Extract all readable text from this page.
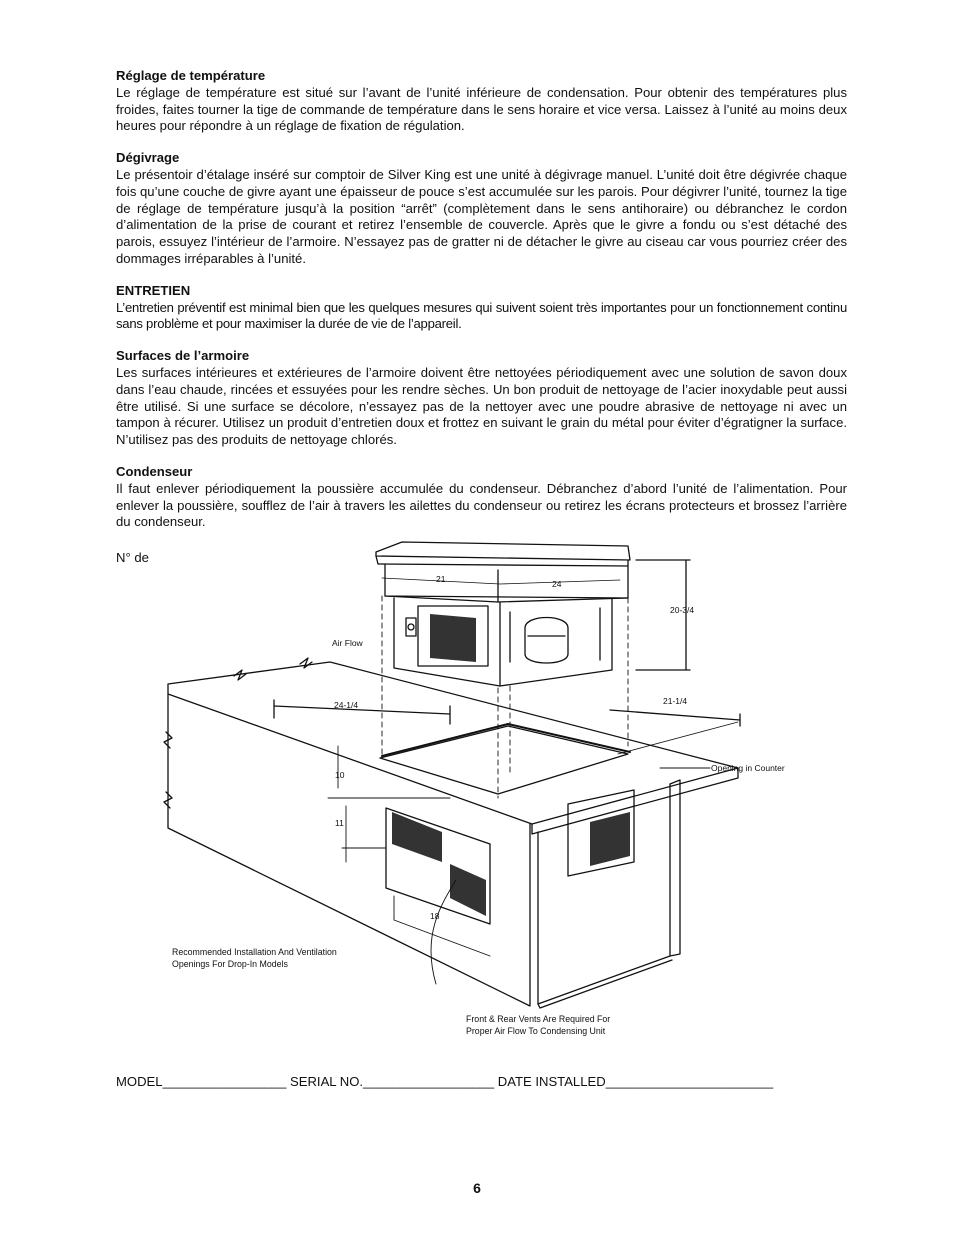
Réglage de température

Le réglage de température est situé sur l’avant de l’unité inférieure de condensation. Pour obtenir des températures plus froides, faites tourner la tige de commande de température dans le sens horaire et vice versa. Laissez à l’unité au moins deux heures pour répondre à un réglage de fixation de régulation.

Dégivrage

Le présentoir d’étalage inséré sur comptoir de Silver King est une unité à dégivrage manuel. L’unité doit être dégivrée chaque fois qu’une couche de givre ayant une épaisseur de pouce s’est accumulée sur les parois. Pour dégivrer l’unité, tournez la tige de réglage de température jusqu’à la position “arrêt” (complètement dans le sens antihoraire) ou débranchez le cordon d’alimentation de la prise de courant et retirez l’ensemble de couvercle. Après que le givre a fondu ou s’est détaché des parois, essuyez l’intérieur de l’armoire. N’essayez pas de gratter ni de détacher le givre au ciseau car vous pourriez créer des dommages irréparables à l’unité.

ENTRETIEN

L’entretien préventif est minimal bien que les quelques mesures qui suivent soient très importantes pour un fonctionnement continu sans problème et pour maximiser la durée de vie de l’appareil.

Surfaces de l’armoire

Les surfaces intérieures et extérieures de l’armoire doivent être nettoyées périodiquement avec une solution de savon doux dans l’eau chaude, rincées et essuyées pour les rendre sèches. Un bon produit de nettoyage de l’acier inoxydable peut aussi être utilisé. Si une surface se décolore, n’essayez pas de la nettoyer avec une poudre abrasive de nettoyage ni avec un tampon à récurer. Utilisez un produit d’entretien doux et frottez en suivant le grain du métal pour éviter d’égratigner la surface. N’utilisez pas des produits de nettoyage chlorés.

Condenseur

Il faut enlever périodiquement la poussière accumulée du condenseur. Débranchez d’abord l’unité de l’alimentation. Pour enlever la poussière, soufflez de l’air à travers les ailettes du condenseur ou retirez les écrans protecteurs et brossez l’arrière du condenseur.

N° de
21	24
20-3/4
Air Flow
24-1/4	21-1/4
Opening in Counter
10
11
18
Recommended Installation And Ventilation
Openings For Drop-In Models
Front & Rear Vents Are Required For
Proper Air Flow To Condensing Unit
MODEL_________________ SERIAL NO.__________________ DATE INSTALLED_______________________
6
